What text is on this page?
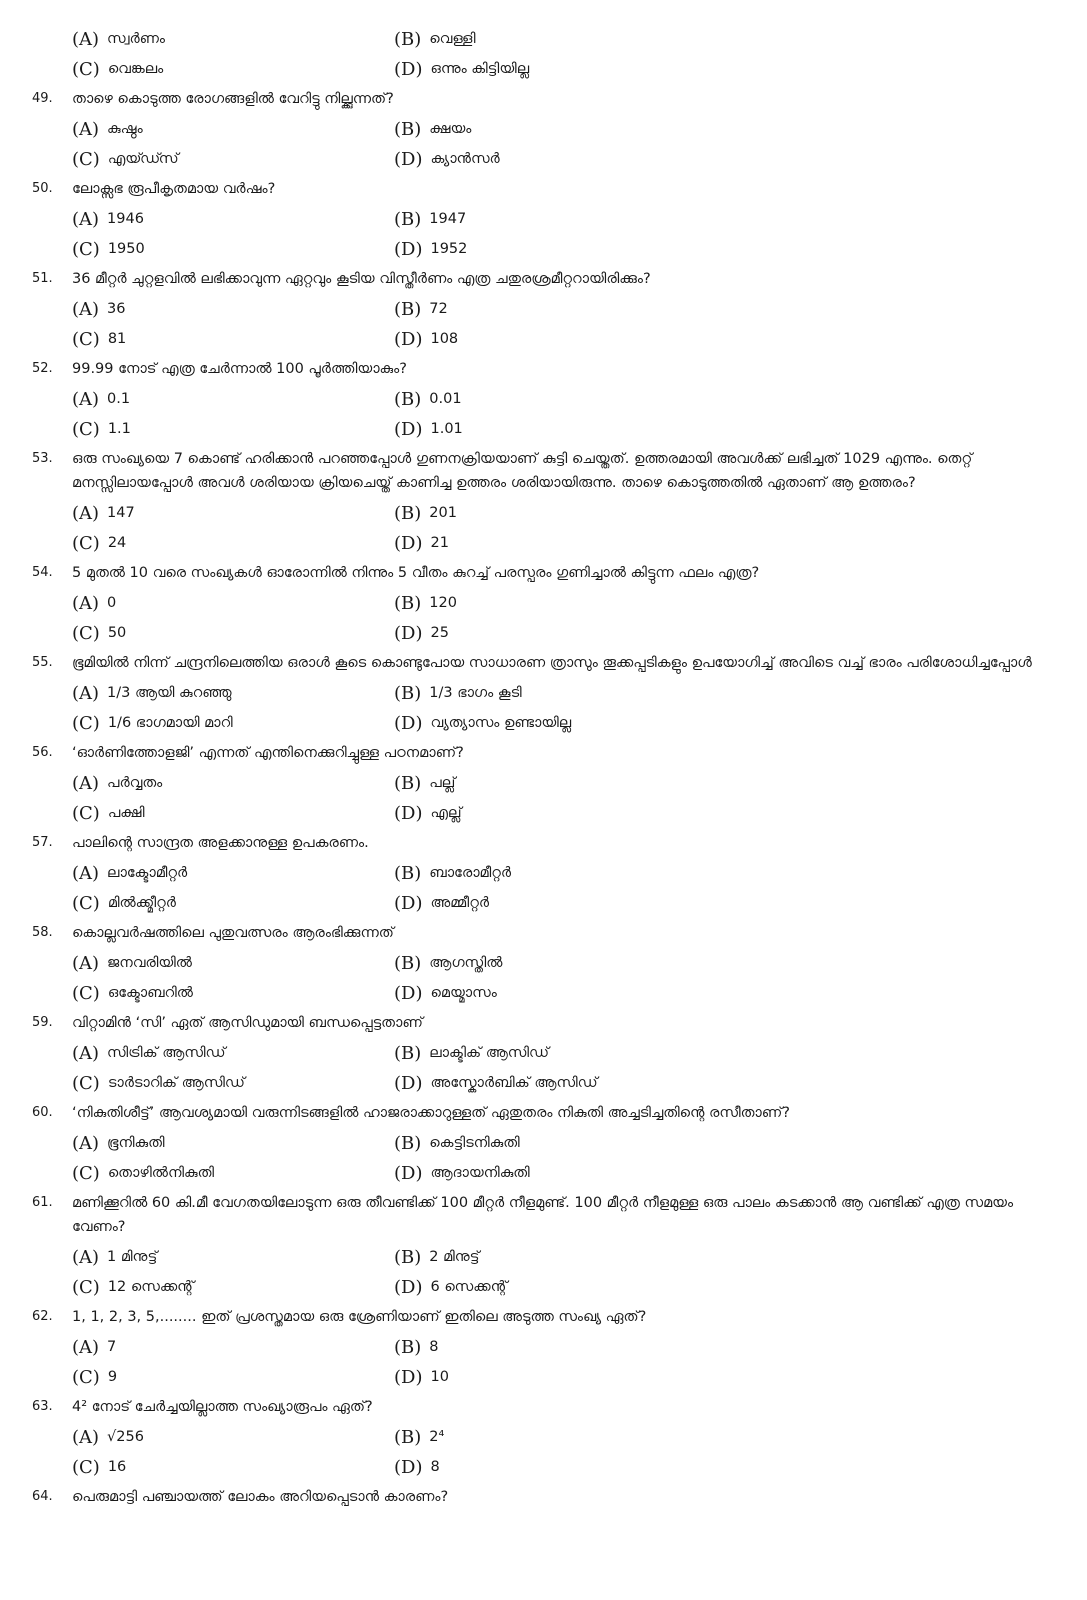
(A) സ്വർണം	(B) വെള്ളി
(C) വെങ്കലം	(D) ഒന്നും കിട്ടിയില്ല
49.	താഴെ കൊടുത്ത രോഗങ്ങളിൽ വേറിട്ടു നില്ക്കുന്നത്?
(A) കുഷ്ഠം	(B) ക്ഷയം
(C) എയ്ഡ്സ്	(D) ക്യാൻസർ
50.	ലോക്സഭ രൂപീകൃതമായ വർഷം?
(A) 1946	(B) 1947
(C) 1950	(D) 1952
51.	36 മീറ്റർ ചുറ്റളവിൽ ലഭിക്കാവുന്ന ഏറ്റവും കൂടിയ വിസ്തീർണം എത്ര ചതുരശ്രമീറ്ററായിരിക്കും?
(A) 36	(B) 72
(C) 81	(D) 108
52.	99.99 നോട് എത്ര ചേർന്നാൽ 100 പൂർത്തിയാകും?
(A) 0.1	(B) 0.01
(C) 1.1	(D) 1.01
53.	ഒരു സംഖ്യയെ 7 കൊണ്ട് ഹരിക്കാൻ പറഞ്ഞപ്പോൾ ഗുണനക്രിയയാണ് കുട്ടി ചെയ്തത്. ഉത്തരമായി അവൾക്ക് ലഭിച്ചത് 1029 എന്നും. തെറ്റ് മനസ്സിലായപ്പോൾ അവൾ ശരിയായ ക്രിയചെയ്ത് കാണിച്ച ഉത്തരം ശരിയായിരുന്നു. താഴെ കൊടുത്തതിൽ ഏതാണ് ആ ഉത്തരം?
(A) 147	(B) 201
(C) 24	(D) 21
54.	5 മുതൽ 10 വരെ സംഖ്യകൾ ഓരോന്നിൽ നിന്നും 5 വീതം കുറച്ച് പരസ്പരം ഗുണിച്ചാൽ കിട്ടുന്ന ഫലം എത്ര?
(A) 0	(B) 120
(C) 50	(D) 25
55.	ഭൂമിയിൽ നിന്ന് ചന്ദ്രനിലെത്തിയ ഒരാൾ കൂടെ കൊണ്ടുപോയ സാധാരണ ത്രാസും തൂക്കപ്പടികളും ഉപയോഗിച്ച് അവിടെ വച്ച് ഭാരം പരിശോധിച്ചപ്പോൾ
(A) 1/3 ആയി കുറഞ്ഞു	(B) 1/3 ഭാഗം കൂടി
(C) 1/6 ഭാഗമായി മാറി	(D) വ്യത്യാസം ഉണ്ടായില്ല
56.	‘ഓർണിത്തോളജി’ എന്നത് എന്തിനെക്കുറിച്ചുള്ള പഠനമാണ്?
(A) പർവ്വതം	(B) പല്ല്
(C) പക്ഷി	(D) എല്ല്
57.	പാലിന്റെ സാന്ദ്രത അളക്കാനുള്ള ഉപകരണം.
(A) ലാക്ടോമീറ്റർ	(B) ബാരോമീറ്റർ
(C) മിൽക്ക്മീറ്റർ	(D) അമ്മീറ്റർ
58.	കൊല്ലവർഷത്തിലെ പുതുവത്സരം ആരംഭിക്കുന്നത്
(A) ജനവരിയിൽ	(B) ആഗസ്തിൽ
(C) ഒക്ടോബറിൽ	(D) മെയ്മാസം
59.	വിറ്റാമിൻ ‘സി’ ഏത് ആസിഡുമായി ബന്ധപ്പെട്ടതാണ്
(A) സിട്രിക് ആസിഡ്	(B) ലാക്ടിക് ആസിഡ്
(C) ടാർടാറിക് ആസിഡ്	(D) അസ്കോർബിക് ആസിഡ്
60.	‘നികുതിശീട്ട്’ ആവശ്യമായി വരുന്നിടങ്ങളിൽ ഹാജരാക്കാറുള്ളത് ഏതുതരം നികുതി അച്ചടിച്ചതിന്റെ രസീതാണ്?
(A) ഭൂനികുതി	(B) കെട്ടിടനികുതി
(C) തൊഴിൽനികുതി	(D) ആദായനികുതി
61.	മണിക്കൂറിൽ 60 കി.മീ വേഗതയിലോടുന്ന ഒരു തീവണ്ടിക്ക് 100 മീറ്റർ നീളമുണ്ട്. 100 മീറ്റർ നീളമുള്ള ഒരു പാലം കടക്കാൻ ആ വണ്ടിക്ക് എത്ര സമയം വേണം?
(A) 1 മിനുട്ട്	(B) 2 മിനുട്ട്
(C) 12 സെക്കന്റ്	(D) 6 സെക്കന്റ്
62.	1, 1, 2, 3, 5,........ ഇത് പ്രശസ്തമായ ഒരു ശ്രേണിയാണ് ഇതിലെ അടുത്ത സംഖ്യ ഏത്?
(A) 7	(B) 8
(C) 9	(D) 10
63.	4² നോട് ചേർച്ചയില്ലാത്ത സംഖ്യാരൂപം ഏത്?
(A) √256	(B) 2⁴
(C) 16	(D) 8
64.	പെരുമാട്ടി പഞ്ചായത്ത് ലോകം അറിയപ്പെടാൻ കാരണം?
